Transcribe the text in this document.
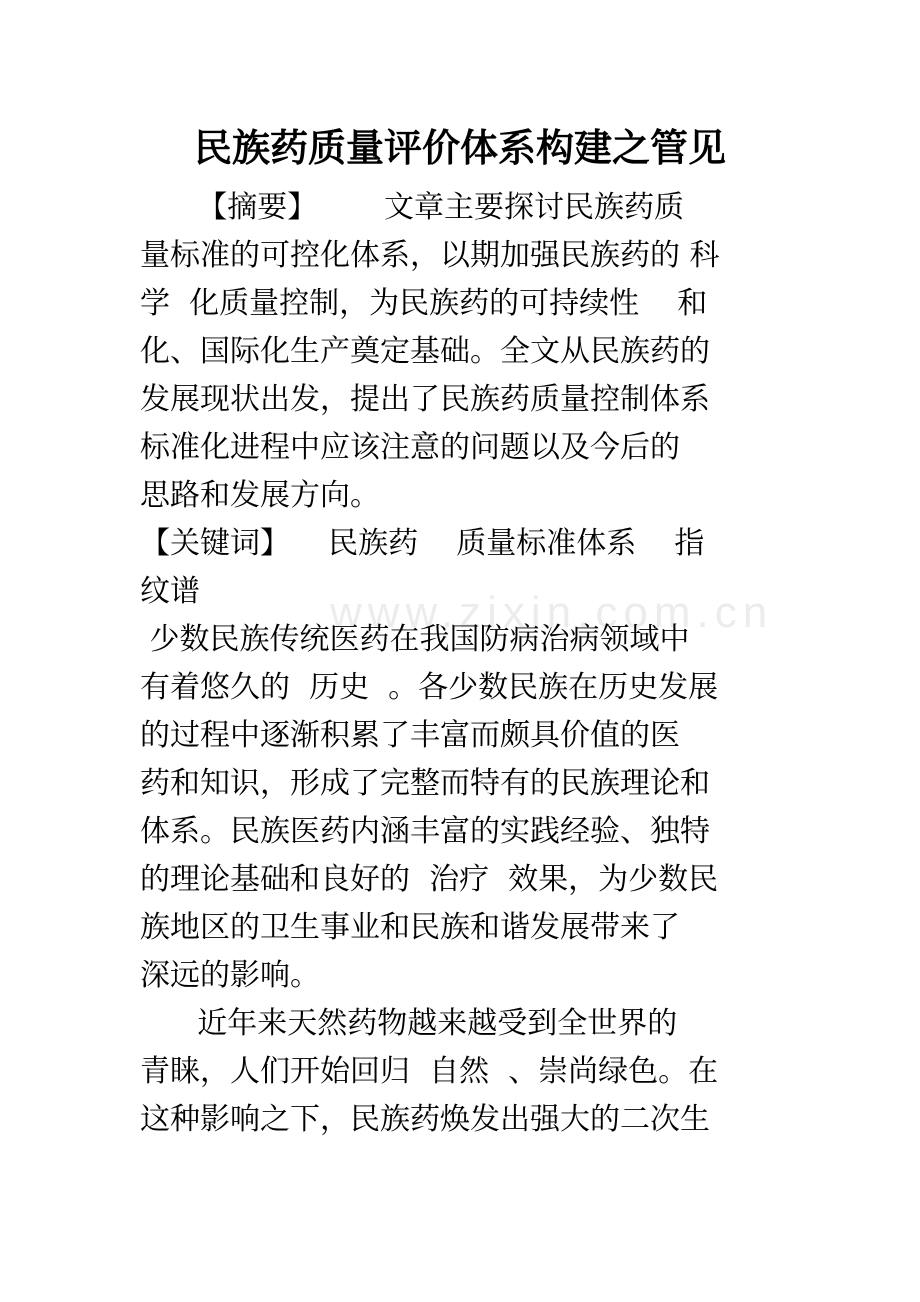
www.zixin.com.cn
民族药质量评价体系构建之管见
【摘要】       文章主要探讨民族药质
量标准的可控化体系，以期加强民族药的 科
学  化质量控制，为民族药的可持续性    和
化、国际化生产奠定基础。全文从民族药的
发展现状出发，提出了民族药质量控制体系
标准化进程中应该注意的问题以及今后的
思路和发展方向。
【关键词】    民族药    质量标准体系    指
纹谱
少数民族传统医药在我国防病治病领域中
有着悠久的  历史  。各少数民族在历史发展
的过程中逐渐积累了丰富而颇具价值的医
药和知识，形成了完整而特有的民族理论和
体系。民族医药内涵丰富的实践经验、独特
的理论基础和良好的  治疗  效果，为少数民
族地区的卫生事业和民族和谐发展带来了
深远的影响。
近年来天然药物越来越受到全世界的
青睐，人们开始回归  自然  、崇尚绿色。在
这种影响之下，民族药焕发出强大的二次生
